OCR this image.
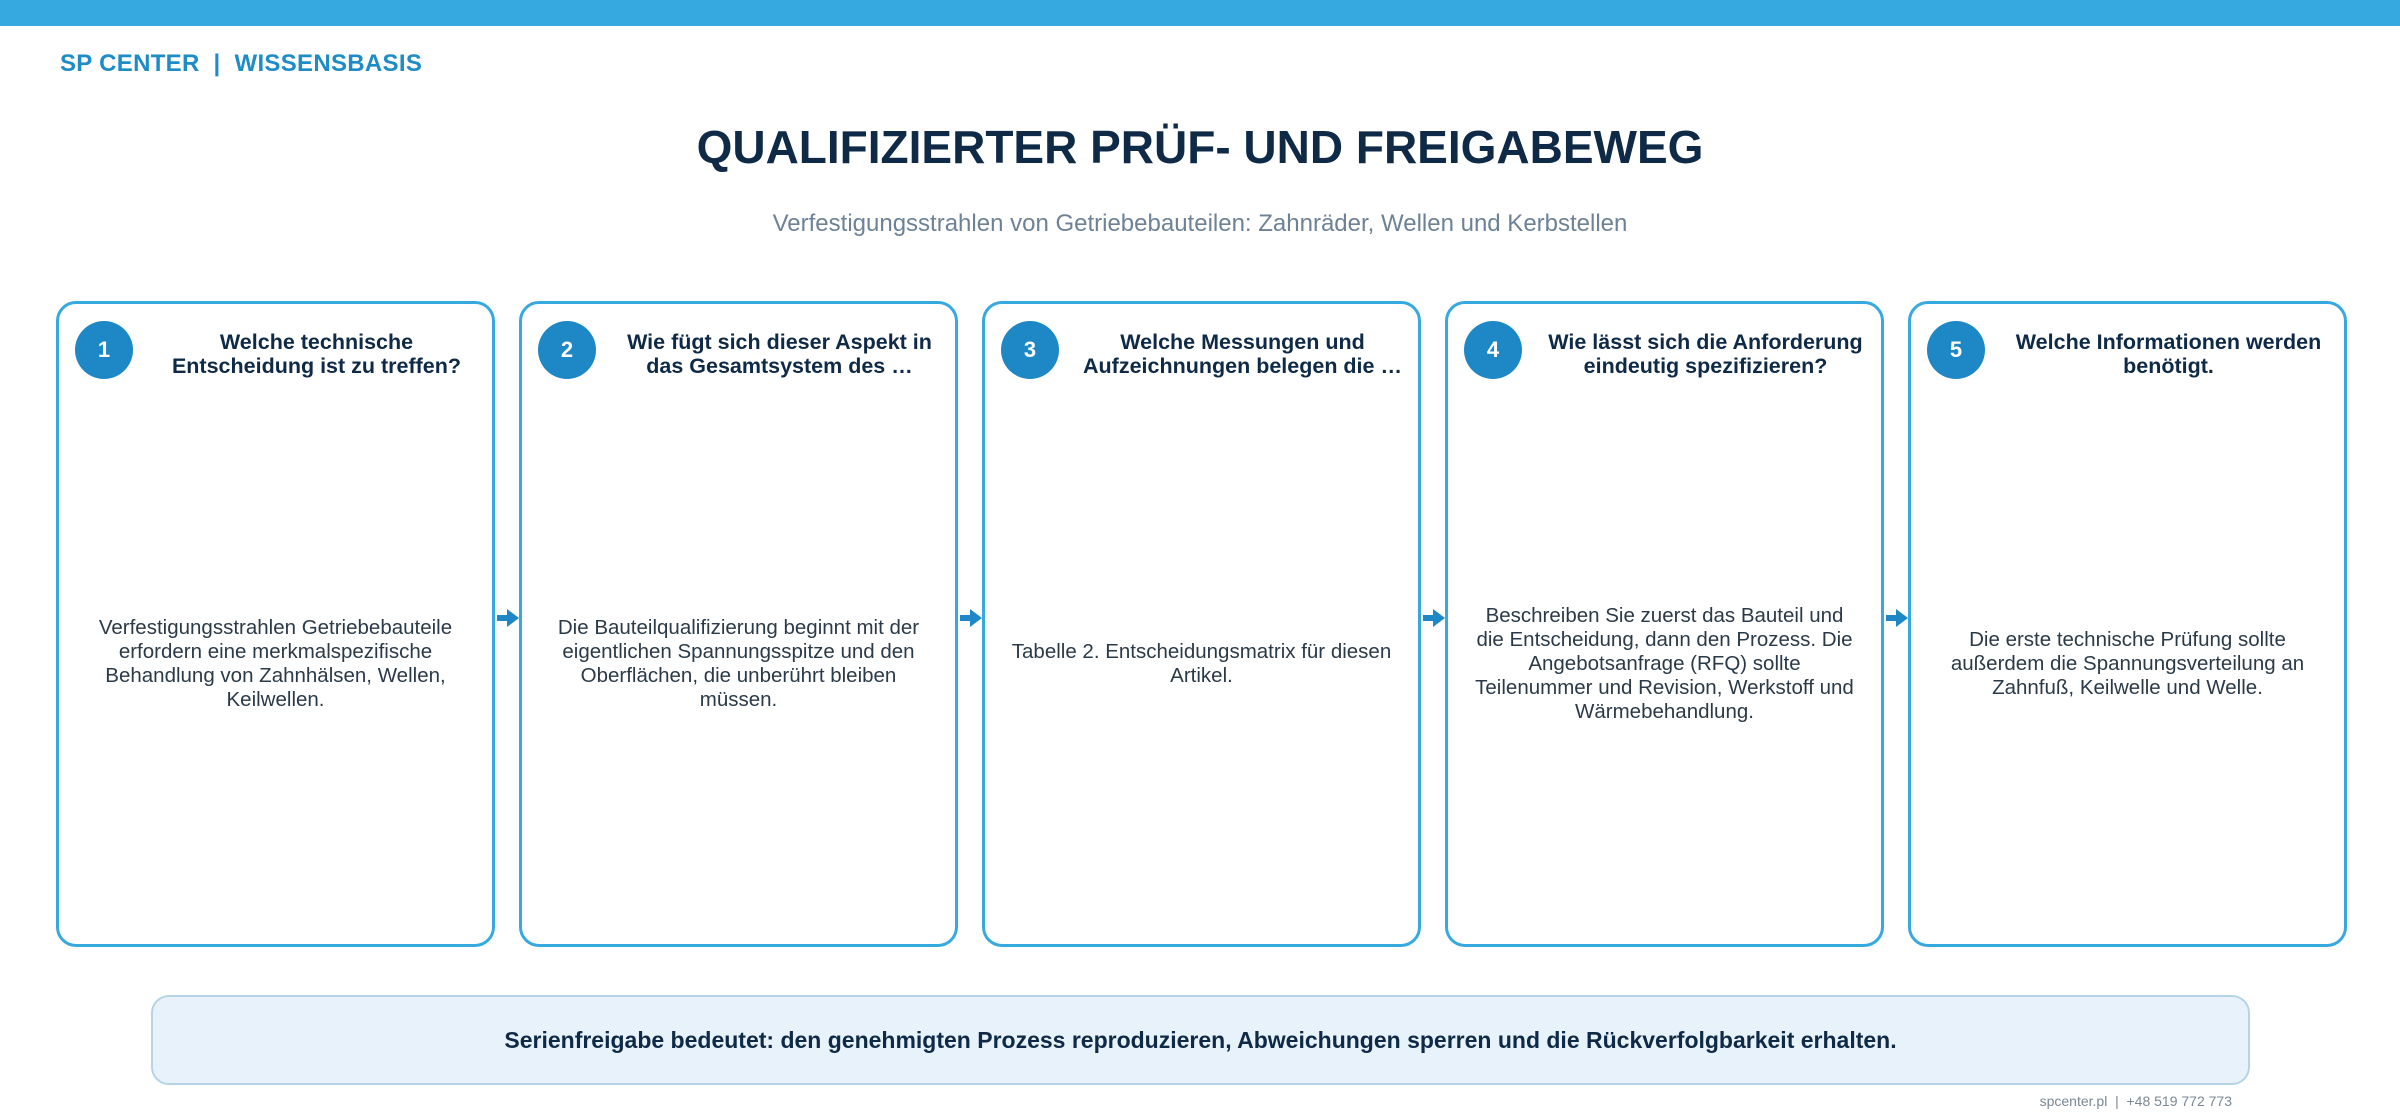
SP CENTER  |  WISSENSBASIS
QUALIFIZIERTER PRÜF- UND FREIGABEWEG
Verfestigungsstrahlen von Getriebebauteilen: Zahnräder, Wellen und Kerbstellen
1	Welche technische Entscheidung ist zu treffen?
Verfestigungsstrahlen Getriebebauteile erfordern eine merkmalspezifische Behandlung von Zahnhälsen, Wellen, Keilwellen.
2	Wie fügt sich dieser Aspekt in das Gesamtsystem des …
Die Bauteilqualifizierung beginnt mit der eigentlichen Spannungsspitze und den Oberflächen, die unberührt bleiben müssen.
3	Welche Messungen und Aufzeichnungen belegen die …
Tabelle 2. Entscheidungsmatrix für diesen Artikel.
4	Wie lässt sich die Anforderung eindeutig spezifizieren?
Beschreiben Sie zuerst das Bauteil und die Entscheidung, dann den Prozess. Die Angebotsanfrage (RFQ) sollte Teilenummer und Revision, Werkstoff und Wärmebehandlung.
5	Welche Informationen werden benötigt.
Die erste technische Prüfung sollte außerdem die Spannungsverteilung an Zahnfuß, Keilwelle und Welle.
Serienfreigabe bedeutet: den genehmigten Prozess reproduzieren, Abweichungen sperren und die Rückverfolgbarkeit erhalten.
spcenter.pl  |  +48 519 772 773
